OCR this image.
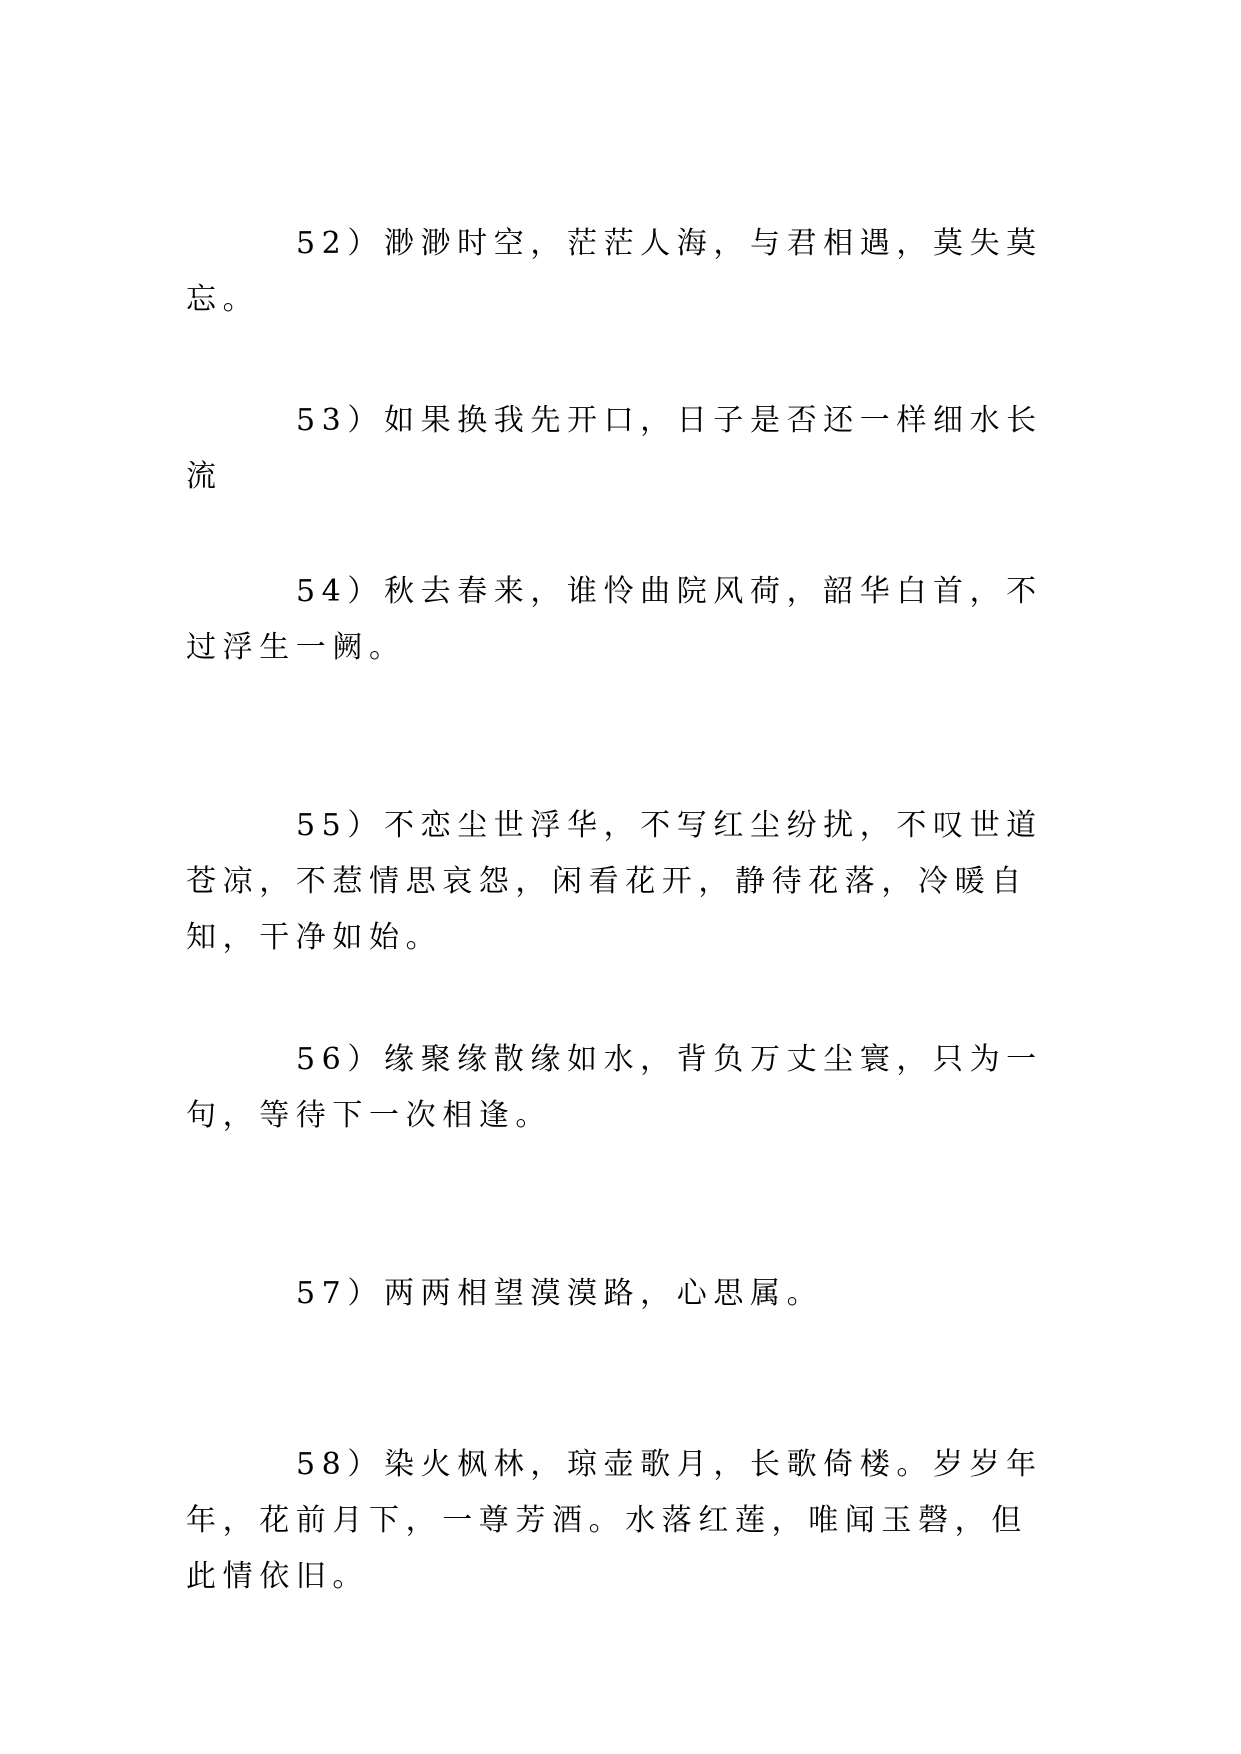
52）渺渺时空，茫茫人海，与君相遇，莫失莫忘。

53）如果换我先开口，日子是否还一样细水长流

54）秋去春来，谁怜曲院风荷，韶华白首，不过浮生一阙。

55）不恋尘世浮华，不写红尘纷扰，不叹世道苍凉，不惹情思哀怨，闲看花开，静待花落，冷暖自知，干净如始。

56）缘聚缘散缘如水，背负万丈尘寰，只为一句，等待下一次相逢。

57）两两相望漠漠路，心思属。

58）染火枫林，琼壶歌月，长歌倚楼。岁岁年年，花前月下，一尊芳酒。水落红莲，唯闻玉磬，但此情依旧。
